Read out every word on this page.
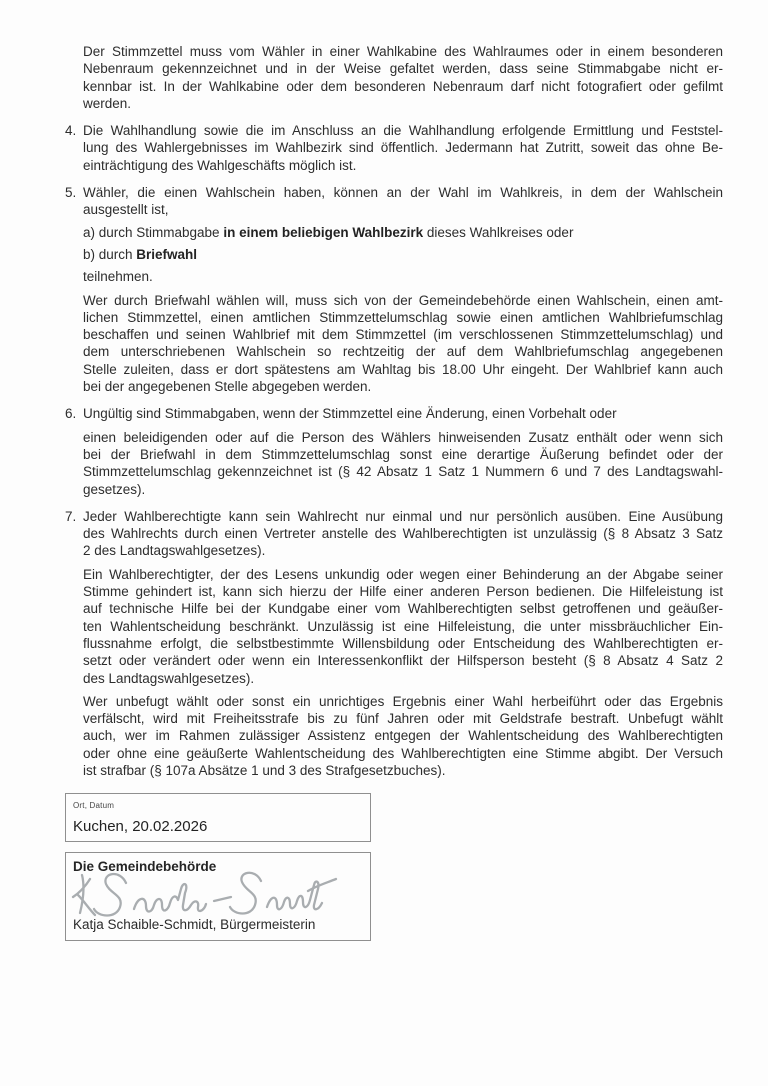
Der Stimmzettel muss vom Wähler in einer Wahlkabine des Wahlraumes oder in einem besonderen
Nebenraum gekennzeichnet und in der Weise gefaltet werden, dass seine Stimmabgabe nicht er-
kennbar ist. In der Wahlkabine oder dem besonderen Nebenraum darf nicht fotografiert oder gefilmt
werden.
4. Die Wahlhandlung sowie die im Anschluss an die Wahlhandlung erfolgende Ermittlung und Feststel-
lung des Wahlergebnisses im Wahlbezirk sind öffentlich. Jedermann hat Zutritt, soweit das ohne Be-
einträchtigung des Wahlgeschäfts möglich ist.
5. Wähler, die einen Wahlschein haben, können an der Wahl im Wahlkreis, in dem der Wahlschein
ausgestellt ist,
a) durch Stimmabgabe in einem beliebigen Wahlbezirk dieses Wahlkreises oder
b) durch Briefwahl
teilnehmen.
Wer durch Briefwahl wählen will, muss sich von der Gemeindebehörde einen Wahlschein, einen amt-
lichen Stimmzettel, einen amtlichen Stimmzettelumschlag sowie einen amtlichen Wahlbriefumschlag
beschaffen und seinen Wahlbrief mit dem Stimmzettel (im verschlossenen Stimmzettelumschlag) und
dem unterschriebenen Wahlschein so rechtzeitig der auf dem Wahlbriefumschlag angegebenen
Stelle zuleiten, dass er dort spätestens am Wahltag bis 18.00 Uhr eingeht. Der Wahlbrief kann auch
bei der angegebenen Stelle abgegeben werden.
6. Ungültig sind Stimmabgaben, wenn der Stimmzettel eine Änderung, einen Vorbehalt oder
einen beleidigenden oder auf die Person des Wählers hinweisenden Zusatz enthält oder wenn sich
bei der Briefwahl in dem Stimmzettelumschlag sonst eine derartige Äußerung befindet oder der
Stimmzettelumschlag gekennzeichnet ist (§ 42 Absatz 1 Satz 1 Nummern 6 und 7 des Landtagswahl-
gesetzes).
7. Jeder Wahlberechtigte kann sein Wahlrecht nur einmal und nur persönlich ausüben. Eine Ausübung
des Wahlrechts durch einen Vertreter anstelle des Wahlberechtigten ist unzulässig (§ 8 Absatz 3 Satz
2 des Landtagswahlgesetzes).
Ein Wahlberechtigter, der des Lesens unkundig oder wegen einer Behinderung an der Abgabe seiner
Stimme gehindert ist, kann sich hierzu der Hilfe einer anderen Person bedienen. Die Hilfeleistung ist
auf technische Hilfe bei der Kundgabe einer vom Wahlberechtigten selbst getroffenen und geäußer-
ten Wahlentscheidung beschränkt. Unzulässig ist eine Hilfeleistung, die unter missbräuchlicher Ein-
flussnahme erfolgt, die selbstbestimmte Willensbildung oder Entscheidung des Wahlberechtigten er-
setzt oder verändert oder wenn ein Interessenkonflikt der Hilfsperson besteht (§ 8 Absatz 4 Satz 2
des Landtagswahlgesetzes).
Wer unbefugt wählt oder sonst ein unrichtiges Ergebnis einer Wahl herbeiführt oder das Ergebnis
verfälscht, wird mit Freiheitsstrafe bis zu fünf Jahren oder mit Geldstrafe bestraft. Unbefugt wählt
auch, wer im Rahmen zulässiger Assistenz entgegen der Wahlentscheidung des Wahlberechtigten
oder ohne eine geäußerte Wahlentscheidung des Wahlberechtigten eine Stimme abgibt. Der Versuch
ist strafbar (§ 107a Absätze 1 und 3 des Strafgesetzbuches).
Ort, Datum
Kuchen, 20.02.2026
Die Gemeindebehörde
Katja Schaible-Schmidt, Bürgermeisterin
